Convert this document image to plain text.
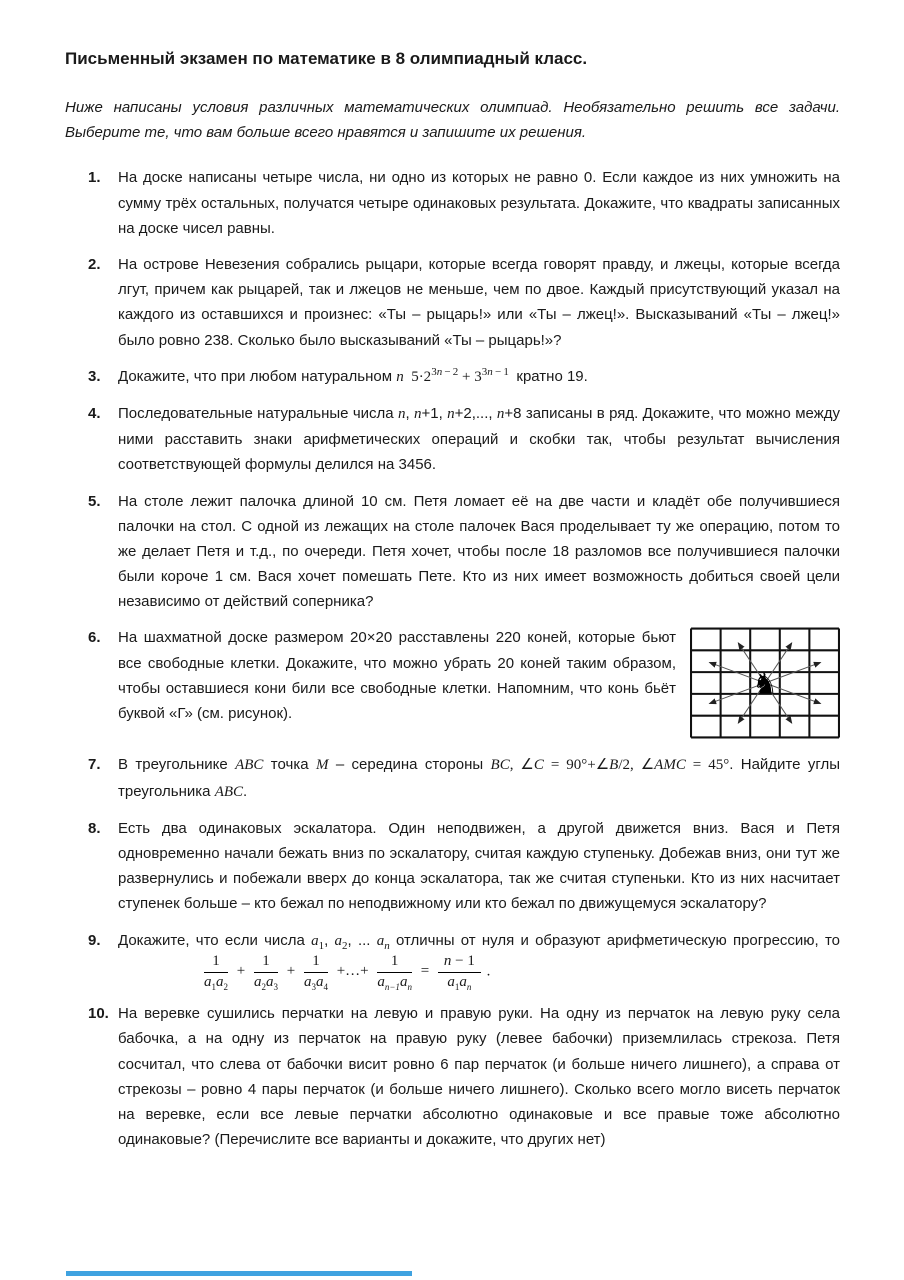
Письменный экзамен по математике в 8 олимпиадный класс.

Ниже написаны условия различных математических олимпиад. Необязательно решить все задачи. Выберите те, что вам больше всего нравятся и запишите их решения.

1.	На доске написаны четыре числа, ни одно из которых не равно 0. Если каждое из них умножить на сумму трёх остальных, получатся четыре одинаковых результата. Докажите, что квадраты записанных на доске чисел равны.
2.	На острове Невезения собрались рыцари, которые всегда говорят правду, и лжецы, которые всегда лгут, причем как рыцарей, так и лжецов не меньше, чем по двое. Каждый присутствующий указал на каждого из оставшихся и произнес: «Ты – рыцарь!» или «Ты – лжец!». Высказываний «Ты – лжец!» было ровно 238. Сколько было высказываний «Ты – рыцарь!»?
3.	Докажите, что при любом натуральном n  $5\cdot 2^{3n}$ $^{- 2} + 3^{3n}$ $^{- 1}$ кратно 19.
4.	Последовательные натуральные числа n, n+1, n+2,..., n+8 записаны в ряд. Докажите, что можно между ними расставить знаки арифметических операций и скобки так, чтобы результат вычисления соответствующей формулы делился на 3456.
5.	На столе лежит палочка длиной 10 см. Петя ломает её на две части и кладёт обе получившиеся палочки на стол. С одной из лежащих на столе палочек Вася проделывает ту же операцию, потом то же делает Петя и т.д., по очереди. Петя хочет, чтобы после 18 разломов все получившиеся палочки были короче 1 см. Вася хочет помешать Пете. Кто из них имеет возможность добиться своей цели независимо от действий соперника?
6.
♞
На шахматной доске размером 20×20 расставлены 220 коней, которые бьют все свободные клетки. Докажите, что можно убрать 20 коней таким образом, чтобы оставшиеся кони били все свободные клетки. Напомним, что конь бьёт буквой «Г» (см. рисунок).
7.	В треугольнике ABC точка M – середина стороны BC, ∠C = 90°+∠B/2, ∠AMC = 45°. Найдите углы треугольника ABC.
8.	Есть два одинаковых эскалатора. Один неподвижен, а другой движется вниз. Вася и Петя одновременно начали бежать вниз по эскалатору, считая каждую ступеньку. Добежав вниз, они тут же развернулись и побежали вверх до конца эскалатора, так же считая ступеньки. Кто из них насчитает ступенек больше – кто бежал по неподвижному или кто бежал по движущемуся эскалатору?
9.	Докажите, что если числа $a_1$, $a_2$, ... $a_n$ отличны от нуля и образуют арифметическую прогрессию, то
$\frac{1}{a_1a_2} + \frac{1}{a_2a_3} + \frac{1}{a_3a_4}$ +…+ $\frac{1}{a_{n-1}a_n} = \frac{n - 1}{a_1a_n}$ .
10. На веревке сушились перчатки на левую и правую руки. На одну из перчаток на левую руку села бабочка, а на одну из перчаток на правую руку (левее бабочки) приземлилась стрекоза. Петя сосчитал, что слева от бабочки висит ровно 6 пар перчаток (и больше ничего лишнего), а справа от стрекозы – ровно 4 пары перчаток (и больше ничего лишнего). Сколько всего могло висеть перчаток на веревке, если все левые перчатки абсолютно одинаковые и все правые тоже абсолютно одинаковые? (Перечислите все варианты и докажите, что других нет)
